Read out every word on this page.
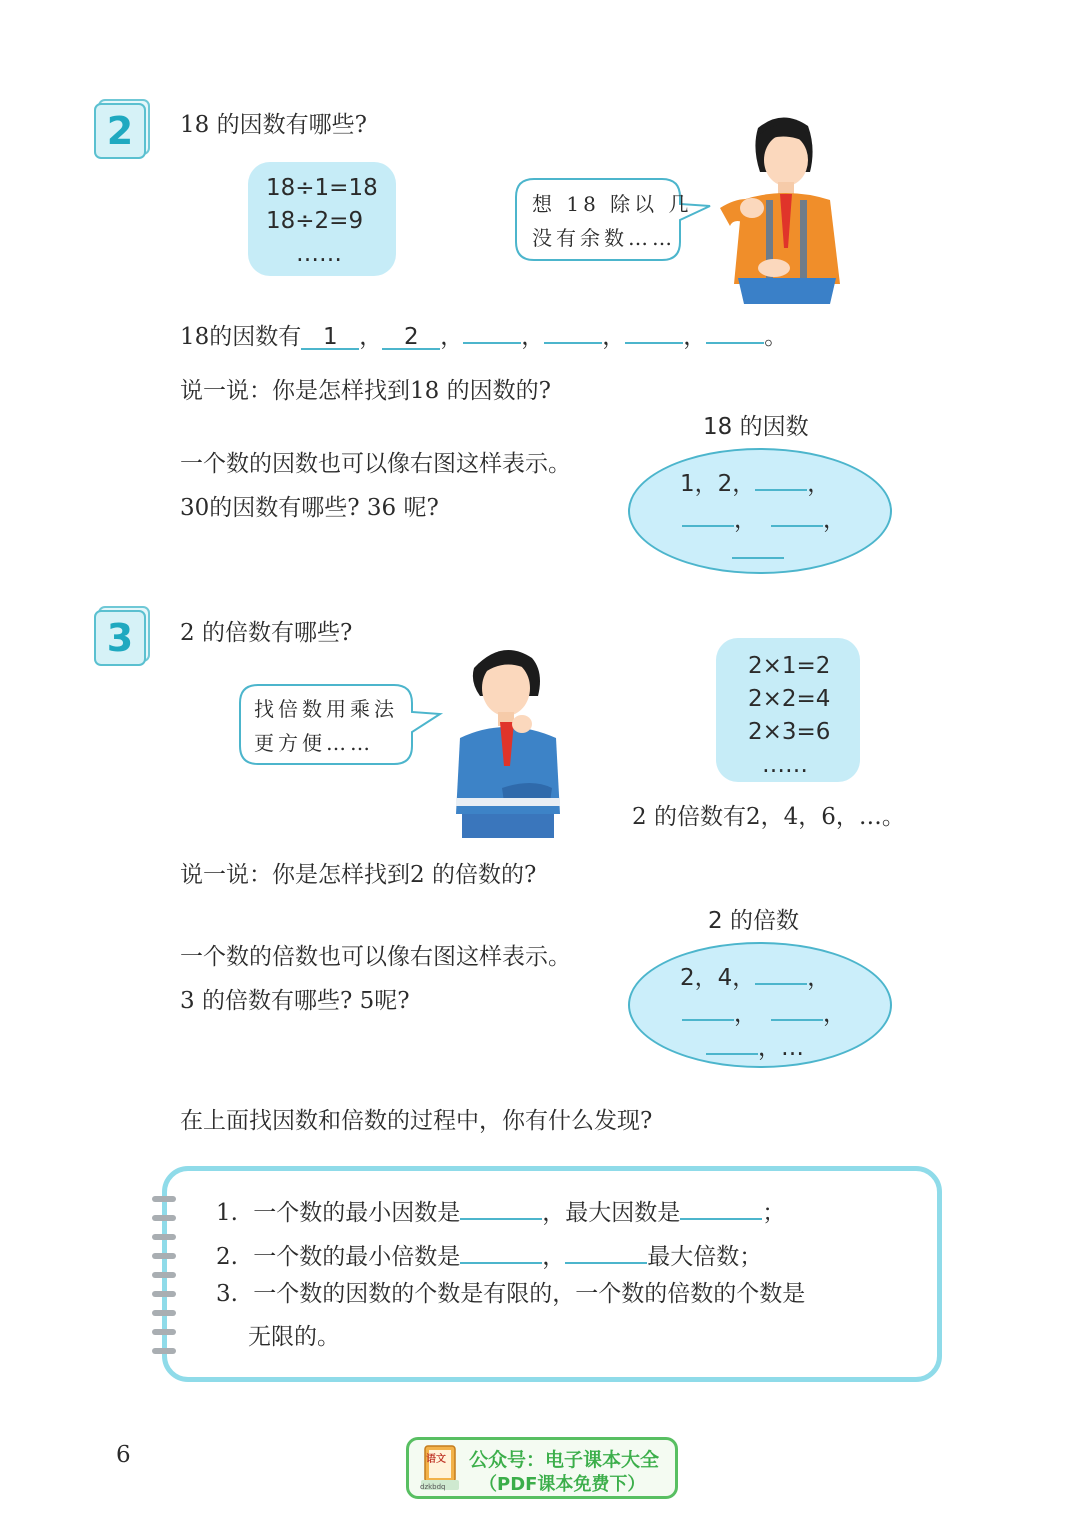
2	18 的因数有哪些?
18÷1=18
18÷2=9
……
想 18 除以 几
没有余数……
18的因数有 1 ， 2 ，	，	，	，	。
说一说：你是怎样找到18 的因数的?
一个数的因数也可以像右图这样表示。
30的因数有哪些? 36 呢?
18 的因数
1，2， ，
，	，
3	2 的倍数有哪些?
找倍数用乘法
更方便……
2×1=2
2×2=4
2×3=6
……
2 的倍数有2，4，6，…。
说一说：你是怎样找到2 的倍数的?
一个数的倍数也可以像右图这样表示。
3 的倍数有哪些? 5呢?
2 的倍数
2，4， ，
，	，
，…
在上面找因数和倍数的过程中，你有什么发现?
1. 一个数的最小因数是	，最大因数是	；
2. 一个数的最小倍数是	，	最大倍数；
3. 一个数的因数的个数是有限的，一个数的倍数的个数是
无限的。
6	语文
dzkbdq
公众号：电子课本大全
（PDF课本免费下）
